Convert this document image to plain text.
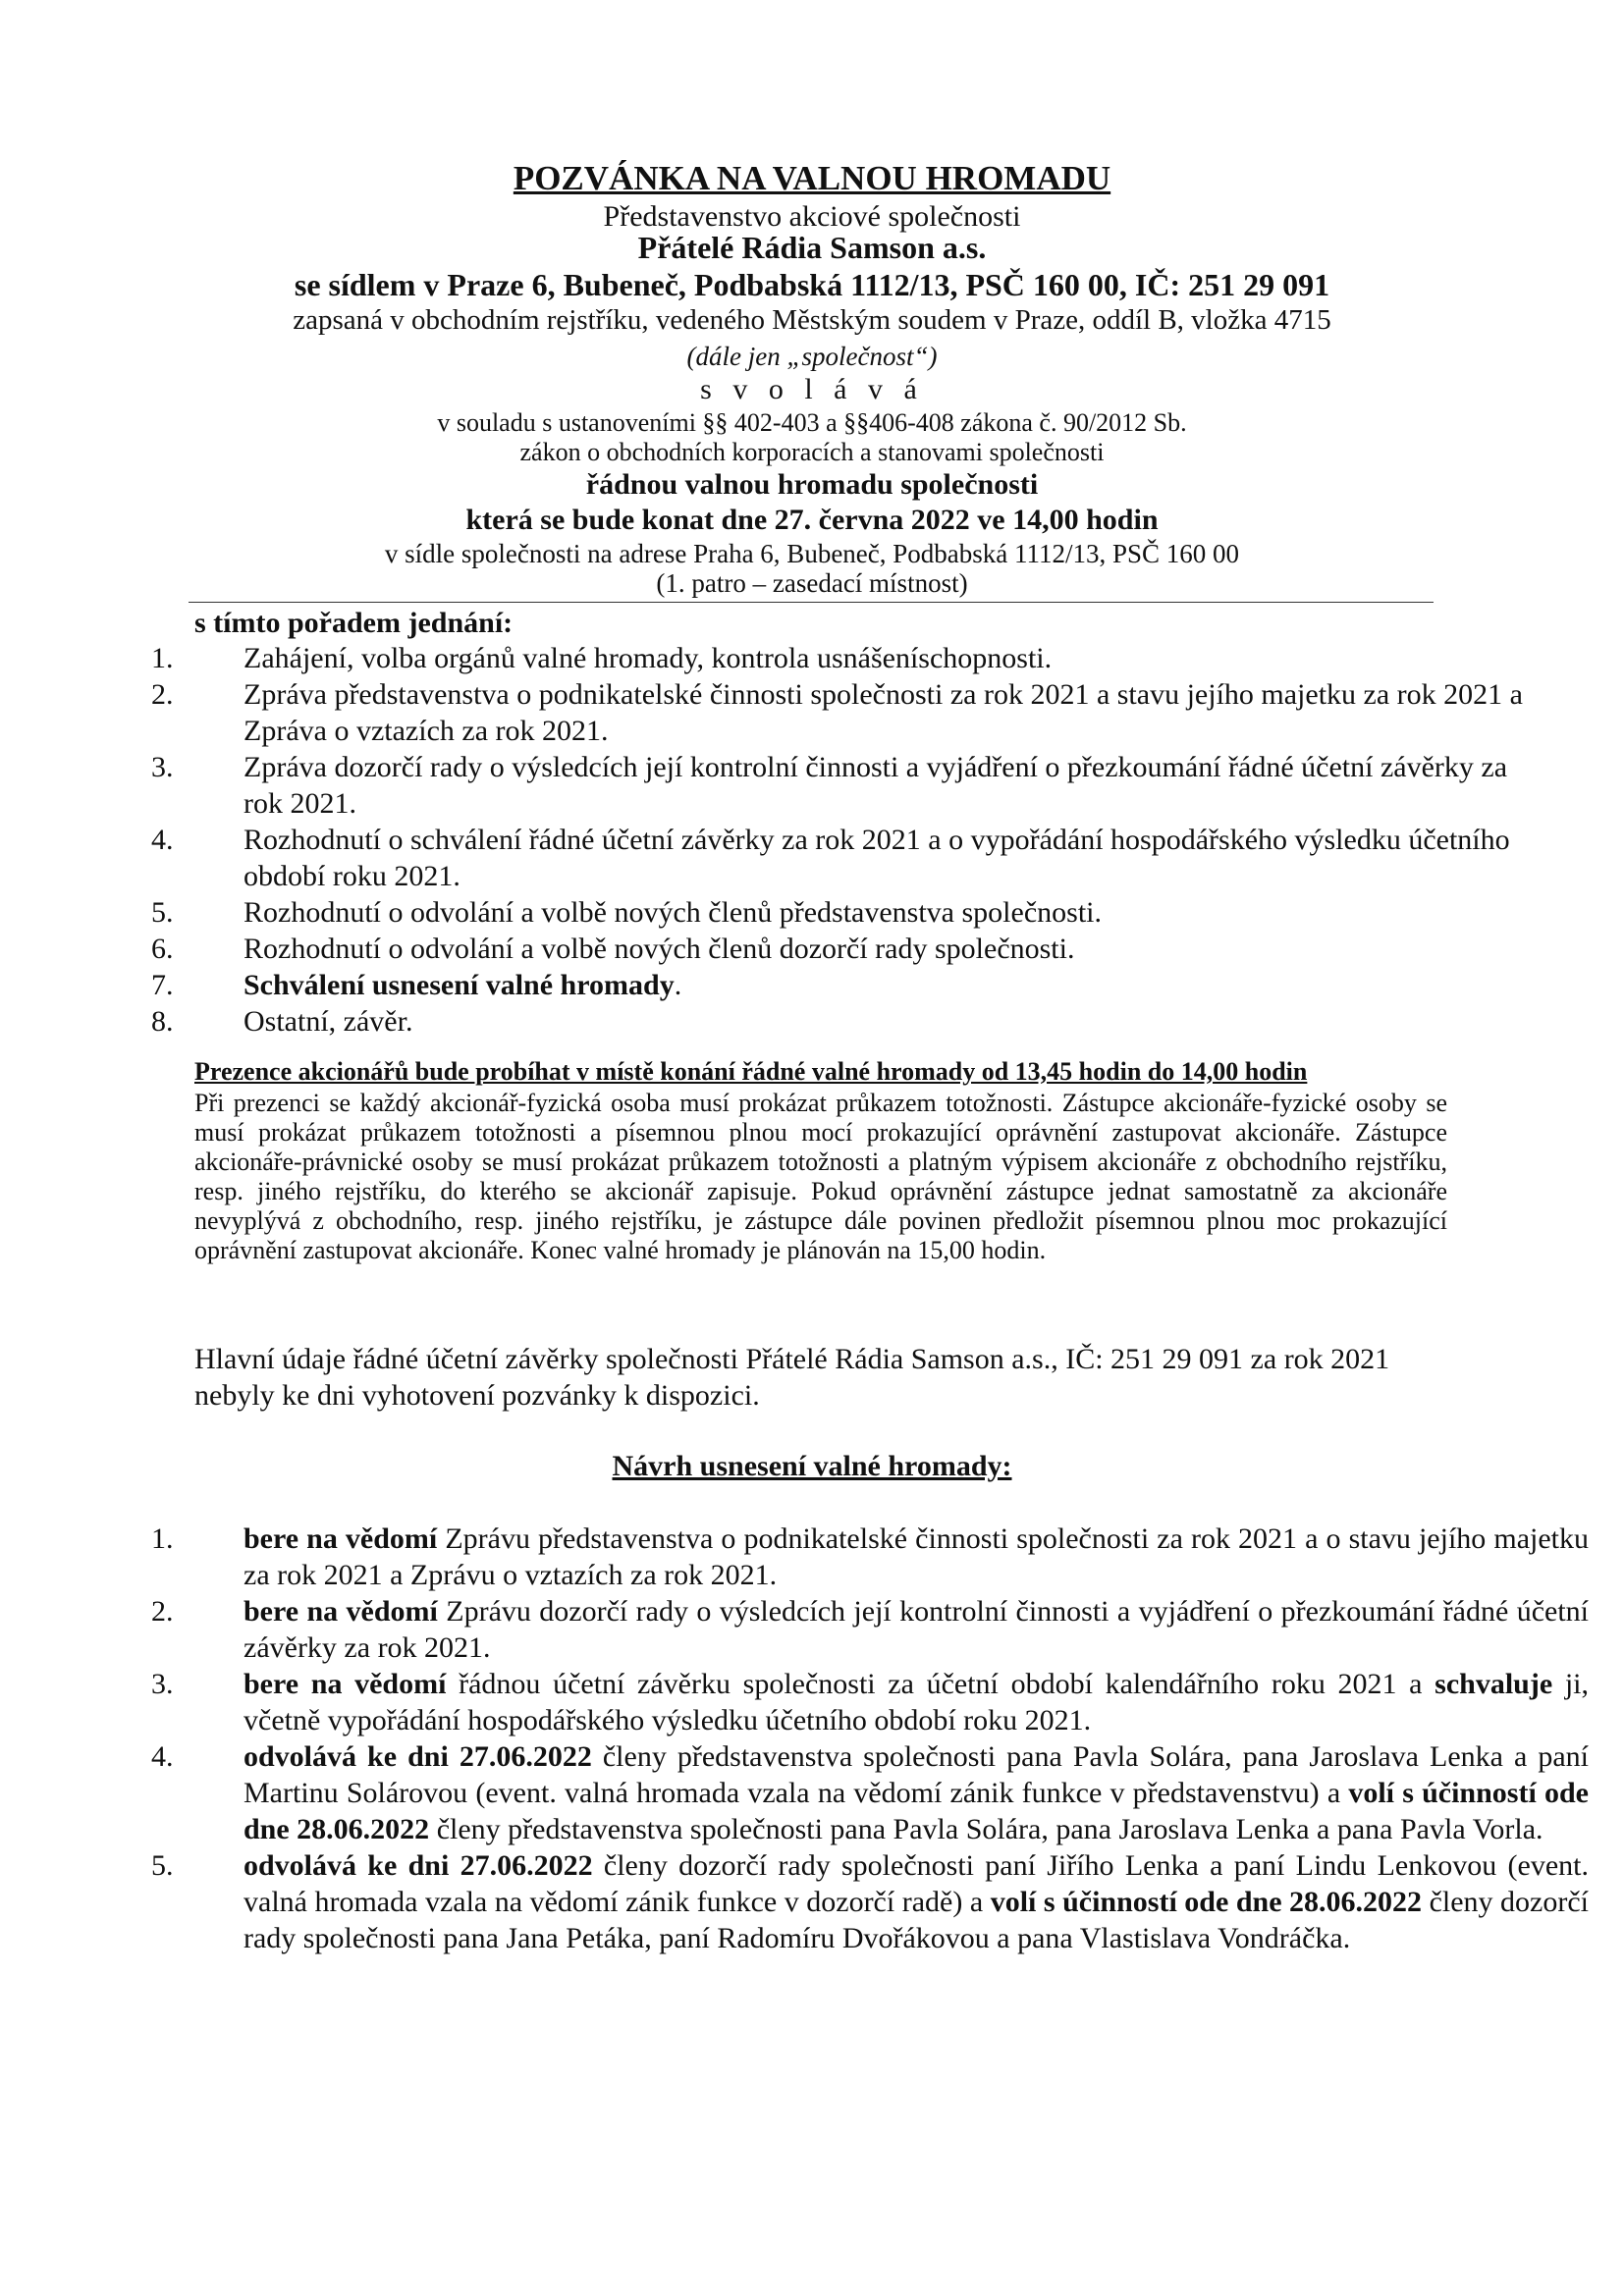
POZVÁNKA NA VALNOU HROMADU
Představenstvo akciové společnosti
Přátelé Rádia Samson a.s.
se sídlem v Praze 6, Bubeneč, Podbabská 1112/13, PSČ 160 00, IČ: 251 29 091
zapsaná v obchodním rejstříku, vedeného Městským soudem v Praze, oddíl B, vložka 4715
(dále jen „společnost“)
s v o l á v á
v souladu s ustanoveními §§ 402-403 a §§406-408 zákona č. 90/2012 Sb.
zákon o obchodních korporacích a stanovami společnosti
řádnou valnou hromadu společnosti
která se bude konat dne 27. června 2022 ve 14,00 hodin
v sídle společnosti na adrese Praha 6, Bubeneč, Podbabská 1112/13, PSČ 160 00
(1. patro – zasedací místnost)
s tímto pořadem jednání:
1. Zahájení, volba orgánů valné hromady, kontrola usnášeníschopnosti.
2. Zpráva představenstva o podnikatelské činnosti společnosti za rok 2021 a stavu jejího majetku za rok 2021 a Zpráva o vztazích za rok 2021.
3. Zpráva dozorčí rady o výsledcích její kontrolní činnosti a vyjádření o přezkoumání řádné účetní závěrky za rok 2021.
4. Rozhodnutí o schválení řádné účetní závěrky za rok 2021 a o vypořádání hospodářského výsledku účetního období roku 2021.
5. Rozhodnutí o odvolání a volbě nových členů představenstva společnosti.
6. Rozhodnutí o odvolání a volbě nových členů dozorčí rady společnosti.
7. Schválení usnesení valné hromady.
8. Ostatní, závěr.
Prezence akcionářů bude probíhat v místě konání řádné valné hromady od 13,45 hodin do 14,00 hodin
Při prezenci se každý akcionář-fyzická osoba musí prokázat průkazem totožnosti. Zástupce akcionáře-fyzické osoby se musí prokázat průkazem totožnosti a písemnou plnou mocí prokazující oprávnění zastupovat akcionáře. Zástupce akcionáře-právnické osoby se musí prokázat průkazem totožnosti a platným výpisem akcionáře z obchodního rejstříku, resp. jiného rejstříku, do kterého se akcionář zapisuje. Pokud oprávnění zástupce jednat samostatně za akcionáře nevyplývá z obchodního, resp. jiného rejstříku, je zástupce dále povinen předložit písemnou plnou moc prokazující oprávnění zastupovat akcionáře. Konec valné hromady je plánován na 15,00 hodin.
Hlavní údaje řádné účetní závěrky společnosti Přátelé Rádia Samson a.s., IČ: 251 29 091 za rok 2021 nebyly ke dni vyhotovení pozvánky k dispozici.
Návrh usnesení valné hromady:
1. bere na vědomí Zprávu představenstva o podnikatelské činnosti společnosti za rok 2021 a o stavu jejího majetku za rok 2021 a Zprávu o vztazích za rok 2021.
2. bere na vědomí Zprávu dozorčí rady o výsledcích její kontrolní činnosti a vyjádření o přezkoumání řádné účetní závěrky za rok 2021.
3. bere na vědomí řádnou účetní závěrku společnosti za účetní období kalendářního roku 2021 a schvaluje ji, včetně vypořádání hospodářského výsledku účetního období roku 2021.
4. odvolává ke dni 27.06.2022 členy představenstva společnosti pana Pavla Solára, pana Jaroslava Lenka a paní Martinu Solárovou (event. valná hromada vzala na vědomí zánik funkce v představenstvu) a volí s účinností ode dne 28.06.2022 členy představenstva společnosti pana Pavla Solára, pana Jaroslava Lenka a pana Pavla Vorla.
5. odvolává ke dni 27.06.2022 členy dozorčí rady společnosti paní Jiřího Lenka a paní Lindu Lenkovou (event. valná hromada vzala na vědomí zánik funkce v dozorčí radě) a volí s účinností ode dne 28.06.2022 členy dozorčí rady společnosti pana Jana Petáka, paní Radomíru Dvořákovou a pana Vlastislava Vondráčka.
